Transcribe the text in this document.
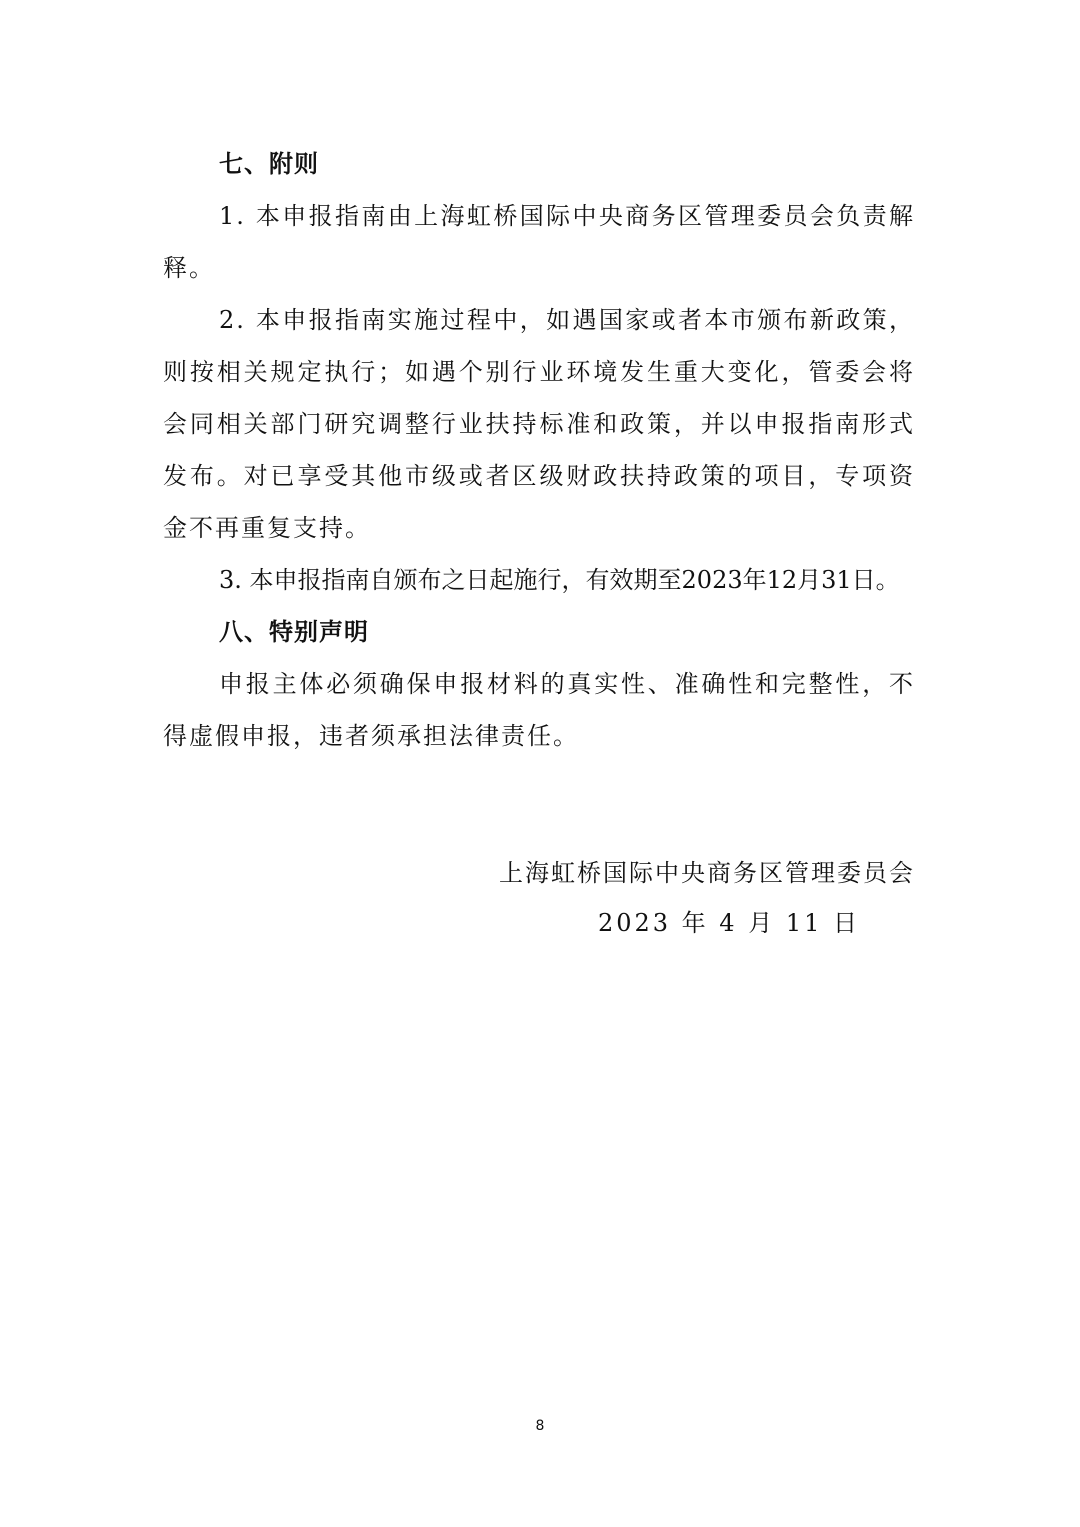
七、附则

1. 本申报指南由上海虹桥国际中央商务区管理委员会负责解释。

2. 本申报指南实施过程中，如遇国家或者本市颁布新政策，则按相关规定执行；如遇个别行业环境发生重大变化，管委会将会同相关部门研究调整行业扶持标准和政策，并以申报指南形式发布。对已享受其他市级或者区级财政扶持政策的项目，专项资金不再重复支持。

3. 本申报指南自颁布之日起施行，有效期至2023年12月31日。

八、特别声明

申报主体必须确保申报材料的真实性、准确性和完整性，不得虚假申报，违者须承担法律责任。

上海虹桥国际中央商务区管理委员会
2023 年 4 月 11 日
8
